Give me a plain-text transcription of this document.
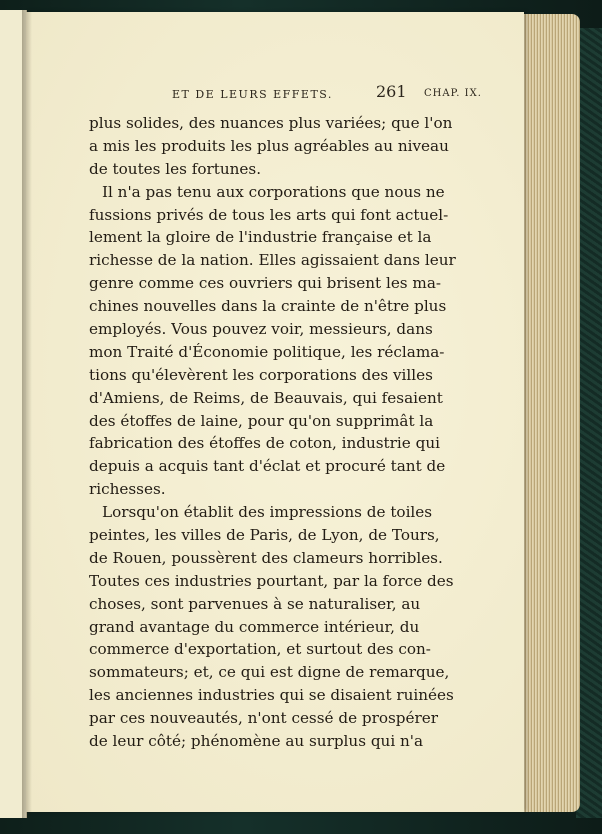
ET DE LEURS EFFETS.	261 CHAP. IX.
plus solides, des nuances plus variées; que l'on
a mis les produits les plus agréables au niveau
de toutes les fortunes.
Il n'a pas tenu aux corporations que nous ne
fussions privés de tous les arts qui font actuel-
lement la gloire de l'industrie française et la
richesse de la nation. Elles agissaient dans leur
genre comme ces ouvriers qui brisent les ma-
chines nouvelles dans la crainte de n'être plus
employés. Vous pouvez voir, messieurs, dans
mon Traité d'Économie politique, les réclama-
tions qu'élevèrent les corporations des villes
d'Amiens, de Reims, de Beauvais, qui fesaient
des étoffes de laine, pour qu'on supprimât la
fabrication des étoffes de coton, industrie qui
depuis a acquis tant d'éclat et procuré tant de
richesses.
Lorsqu'on établit des impressions de toiles
peintes, les villes de Paris, de Lyon, de Tours,
de Rouen, poussèrent des clameurs horribles.
Toutes ces industries pourtant, par la force des
choses, sont parvenues à se naturaliser, au
grand avantage du commerce intérieur, du
commerce d'exportation, et surtout des con-
sommateurs; et, ce qui est digne de remarque,
les anciennes industries qui se disaient ruinées
par ces nouveautés, n'ont cessé de prospérer
de leur côté; phénomène au surplus qui n'a
